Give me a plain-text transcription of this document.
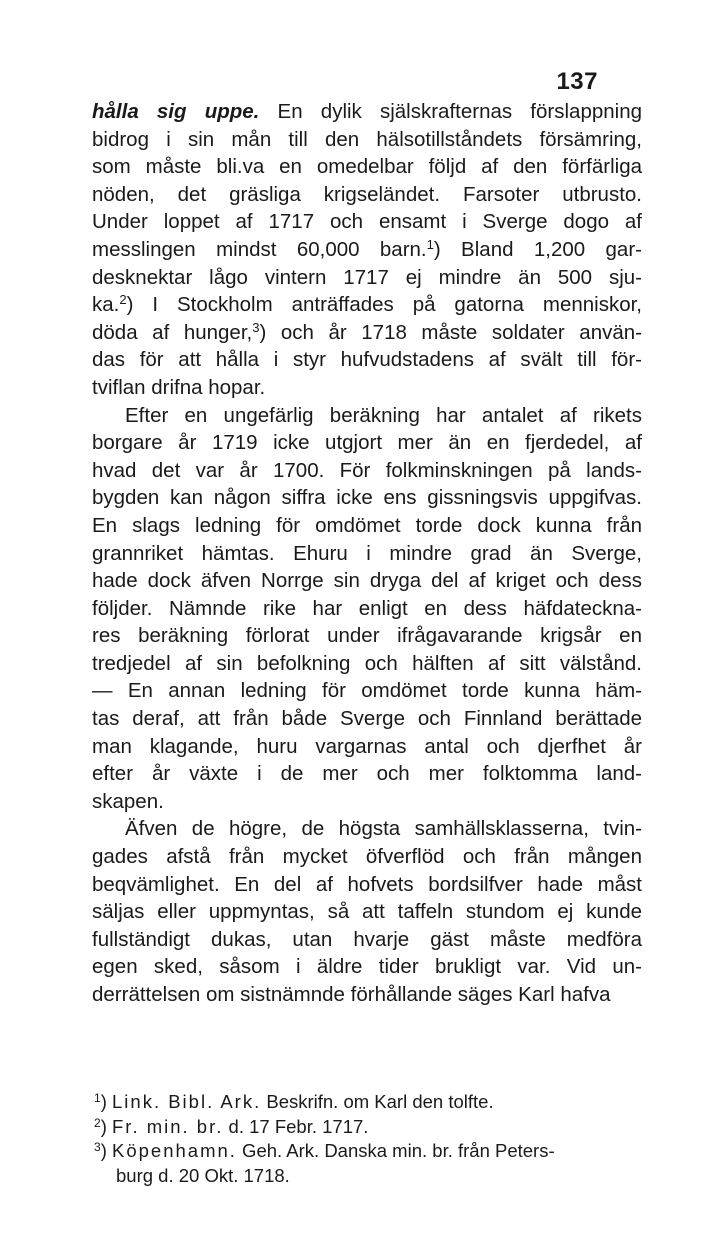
137
hålla sig uppe. En dylik själskrafternas förslappning
bidrog i sin mån till den hälsotillståndets försämring,
som måste bli.va en omedelbar följd af den förfärliga
nöden, det gräsliga krigseländet. Farsoter utbrusto.
Under loppet af 1717 och ensamt i Sverge dogo af
messlingen mindst 60,000 barn.$^1$) Bland 1,200 gar-
desknektar lågo vintern 1717 ej mindre än 500 sju-
ka.$^2$) I Stockholm anträffades på gatorna menniskor,
döda af hunger,$^3$) och år 1718 måste soldater använ-
das för att hålla i styr hufvudstadens af svält till för-
tviflan drifna hopar.
Efter en ungefärlig beräkning har antalet af rikets
borgare år 1719 icke utgjort mer än en fjerdedel, af
hvad det var år 1700. För folkminskningen på lands-
bygden kan någon siffra icke ens gissningsvis uppgifvas.
En slags ledning för omdömet torde dock kunna från
grannriket hämtas. Ehuru i mindre grad än Sverge,
hade dock äfven Norrge sin dryga del af kriget och dess
följder. Nämnde rike har enligt en dess häfdateckna-
res beräkning förlorat under ifrågavarande krigsår en
tredjedel af sin befolkning och hälften af sitt välstånd.
— En annan ledning för omdömet torde kunna häm-
tas deraf, att från både Sverge och Finnland berättade
man klagande, huru vargarnas antal och djerfhet år
efter år växte i de mer och mer folktomma land-
skapen.
Äfven de högre, de högsta samhällsklasserna, tvin-
gades afstå från mycket öfverflöd och från mången
beqvämlighet. En del af hofvets bordsilfver hade måst
säljas eller uppmyntas, så att taffeln stundom ej kunde
fullständigt dukas, utan hvarje gäst måste medföra
egen sked, såsom i äldre tider brukligt var. Vid un-
derrättelsen om sistnämnde förhållande säges Karl hafva
$^1$) Link. Bibl. Ark. Beskrifn. om Karl den tolfte.
$^2$) Fr. min. br. d. 17 Febr. 1717.
$^3$) Köpenhamn. Geh. Ark. Danska min. br. från Peters-
burg d. 20 Okt. 1718.
